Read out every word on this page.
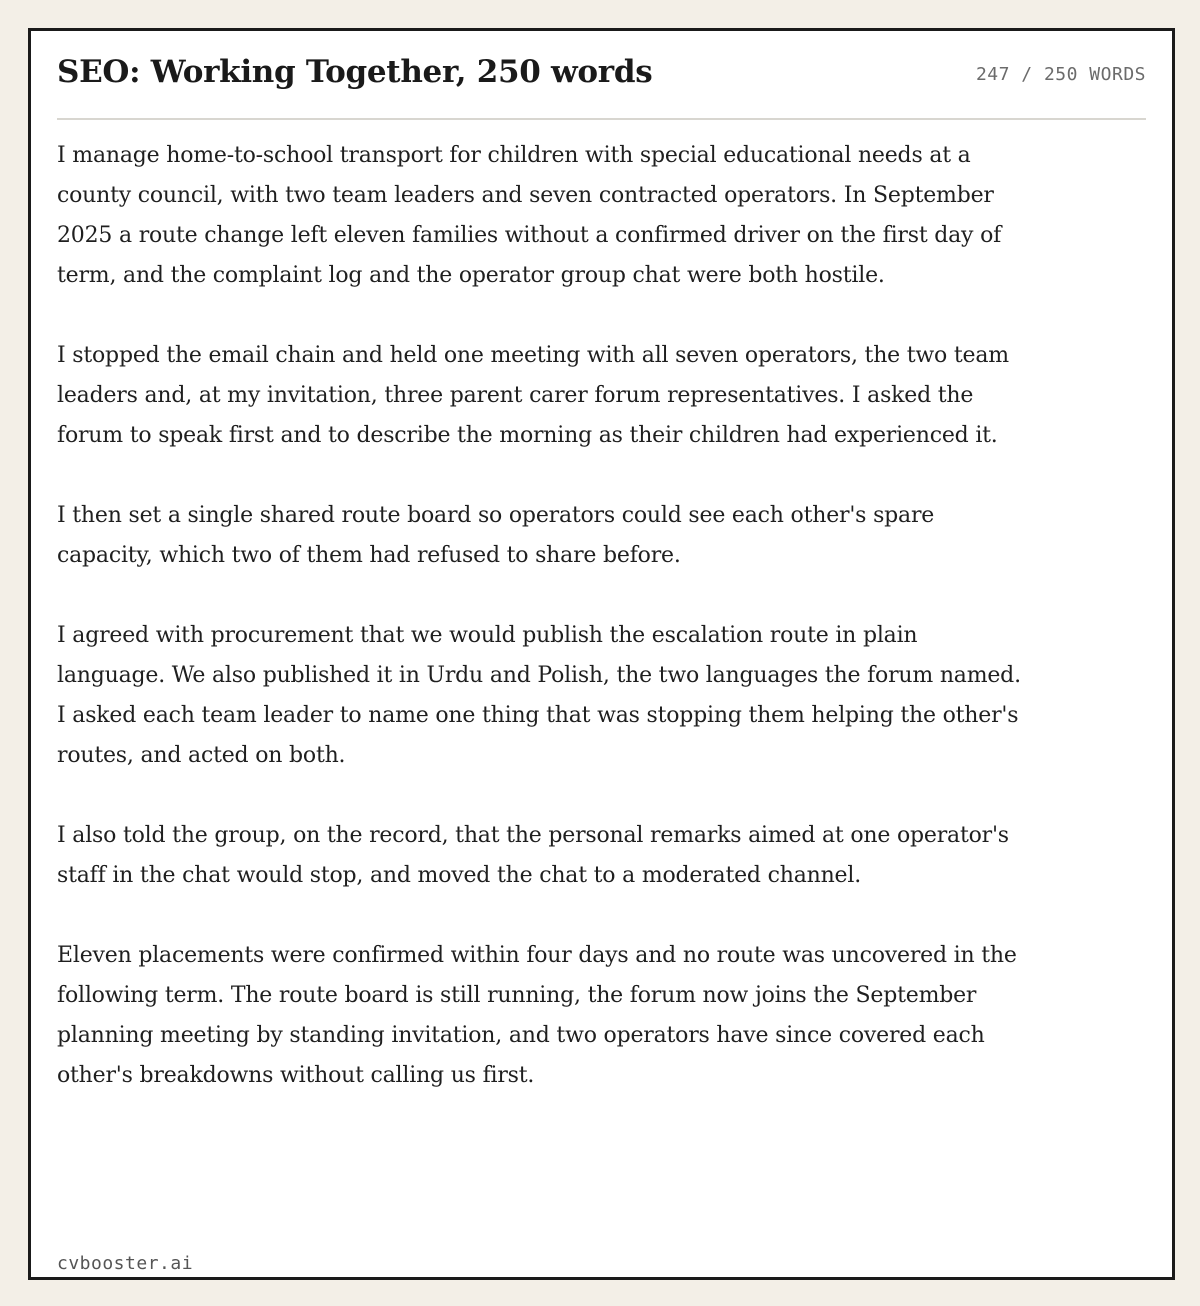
SEO: Working Together, 250 words	247 / 250 WORDS

I manage home-to-school transport for children with special educational needs at a county council, with two team leaders and seven contracted operators. In September 2025 a route change left eleven families without a confirmed driver on the first day of term, and the complaint log and the operator group chat were both hostile.

I stopped the email chain and held one meeting with all seven operators, the two team leaders and, at my invitation, three parent carer forum representatives. I asked the forum to speak first and to describe the morning as their children had experienced it.

I then set a single shared route board so operators could see each other's spare capacity, which two of them had refused to share before.

I agreed with procurement that we would publish the escalation route in plain language. We also published it in Urdu and Polish, the two languages the forum named. I asked each team leader to name one thing that was stopping them helping the other's routes, and acted on both.

I also told the group, on the record, that the personal remarks aimed at one operator's staff in the chat would stop, and moved the chat to a moderated channel.

Eleven placements were confirmed within four days and no route was uncovered in the following term. The route board is still running, the forum now joins the September planning meeting by standing invitation, and two operators have since covered each other's breakdowns without calling us first.

cvbooster.ai
